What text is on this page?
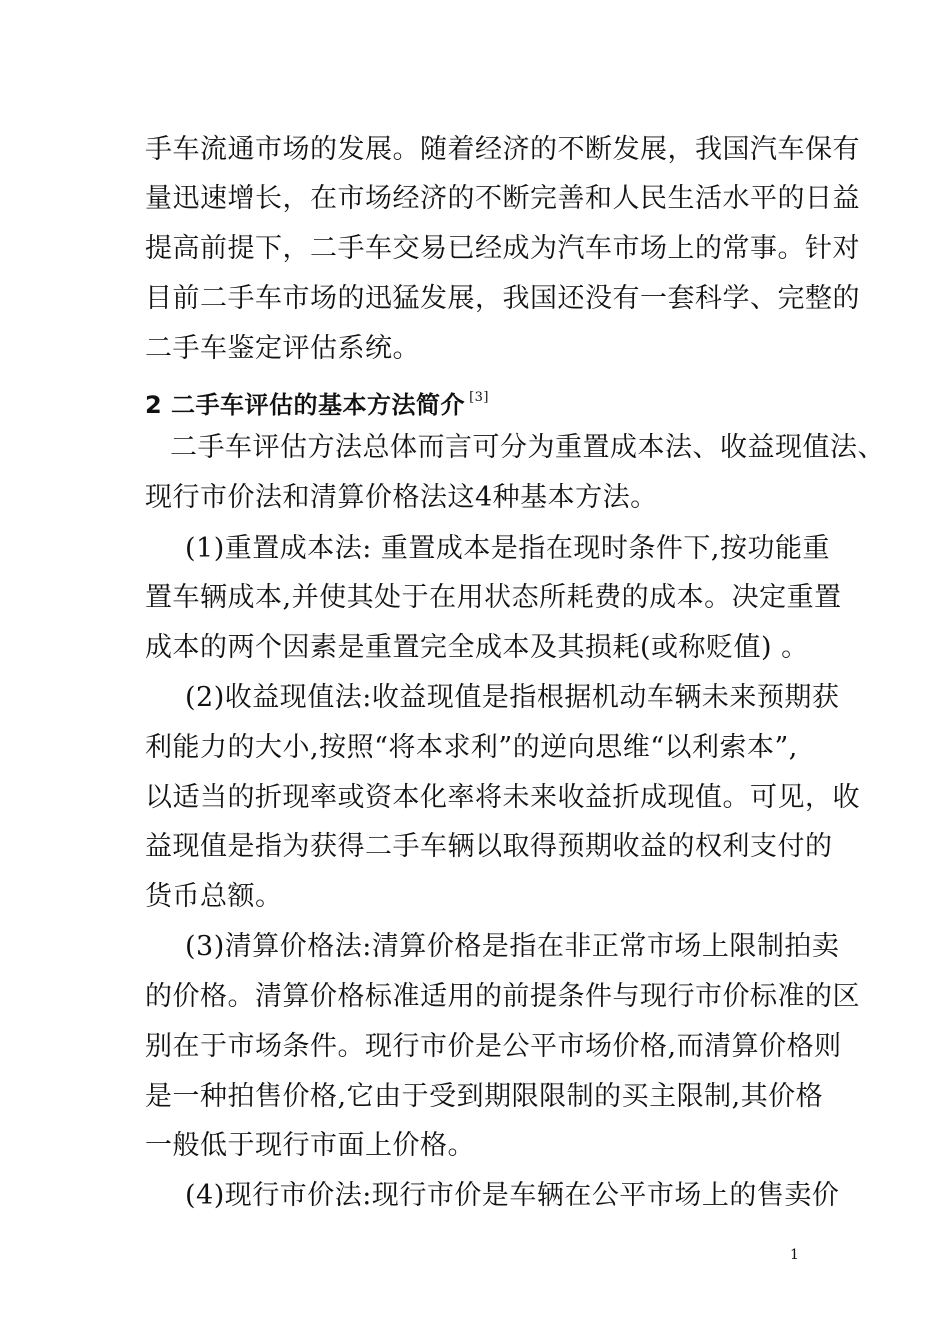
手车流通市场的发展。随着经济的不断发展，我国汽车保有
量迅速增长，在市场经济的不断完善和人民生活水平的日益
提高前提下，二手车交易已经成为汽车市场上的常事。针对
目前二手车市场的迅猛发展，我国还没有一套科学、完整的
二手车鉴定评估系统。
2 二手车评估的基本方法简介 [3]
二手车评估方法总体而言可分为重置成本法、收益现值法、
现行市价法和清算价格法这4种基本方法。
(1)重置成本法: 重置成本是指在现时条件下,按功能重
置车辆成本,并使其处于在用状态所耗费的成本。决定重置
成本的两个因素是重置完全成本及其损耗(或称贬值) 。
(2)收益现值法:收益现值是指根据机动车辆未来预期获
利能力的大小,按照“将本求利”的逆向思维“以利索本”,
以适当的折现率或资本化率将未来收益折成现值。可见，收
益现值是指为获得二手车辆以取得预期收益的权利支付的
货币总额。
(3)清算价格法:清算价格是指在非正常市场上限制拍卖
的价格。清算价格标准适用的前提条件与现行市价标准的区
别在于市场条件。现行市价是公平市场价格,而清算价格则
是一种拍售价格,它由于受到期限限制的买主限制,其价格
一般低于现行市面上价格。
(4)现行市价法:现行市价是车辆在公平市场上的售卖价
1
